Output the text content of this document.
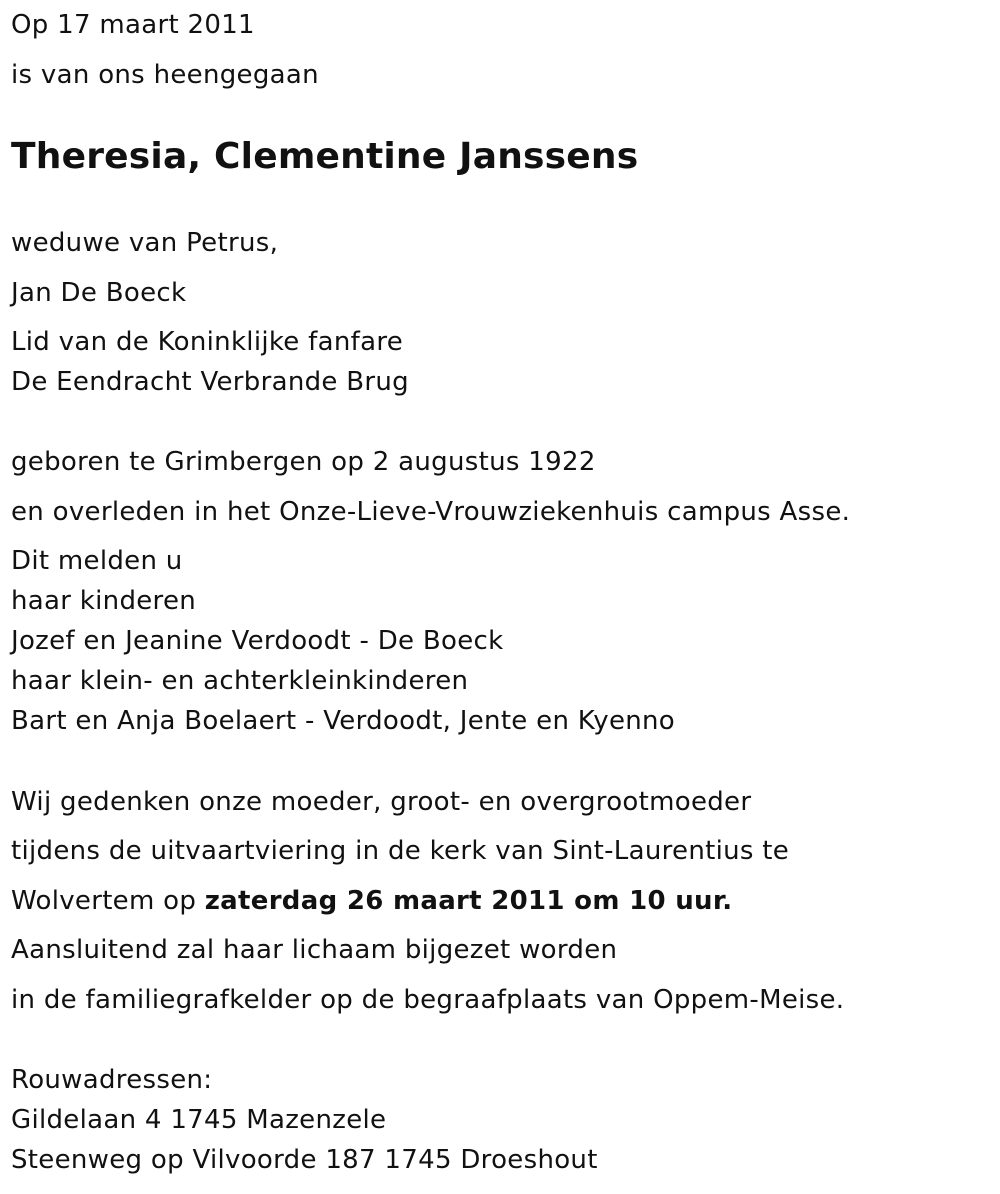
Op 17 maart 2011
is van ons heengegaan
Theresia, Clementine Janssens
weduwe van Petrus,
Jan De Boeck
Lid van de Koninklijke fanfare
De Eendracht Verbrande Brug
geboren te Grimbergen op 2 augustus 1922
en overleden in het Onze-Lieve-Vrouwziekenhuis campus Asse.
Dit melden u
haar kinderen
Jozef en Jeanine Verdoodt - De Boeck
haar klein- en achterkleinkinderen
Bart en Anja Boelaert - Verdoodt, Jente en Kyenno
Wij gedenken onze moeder, groot- en overgrootmoeder
tijdens de uitvaartviering in de kerk van Sint-Laurentius te
Wolvertem op zaterdag 26 maart 2011 om 10 uur.
Aansluitend zal haar lichaam bijgezet worden
in de familiegrafkelder op de begraafplaats van Oppem-Meise.
Rouwadressen:
Gildelaan 4 1745 Mazenzele
Steenweg op Vilvoorde 187 1745 Droeshout
